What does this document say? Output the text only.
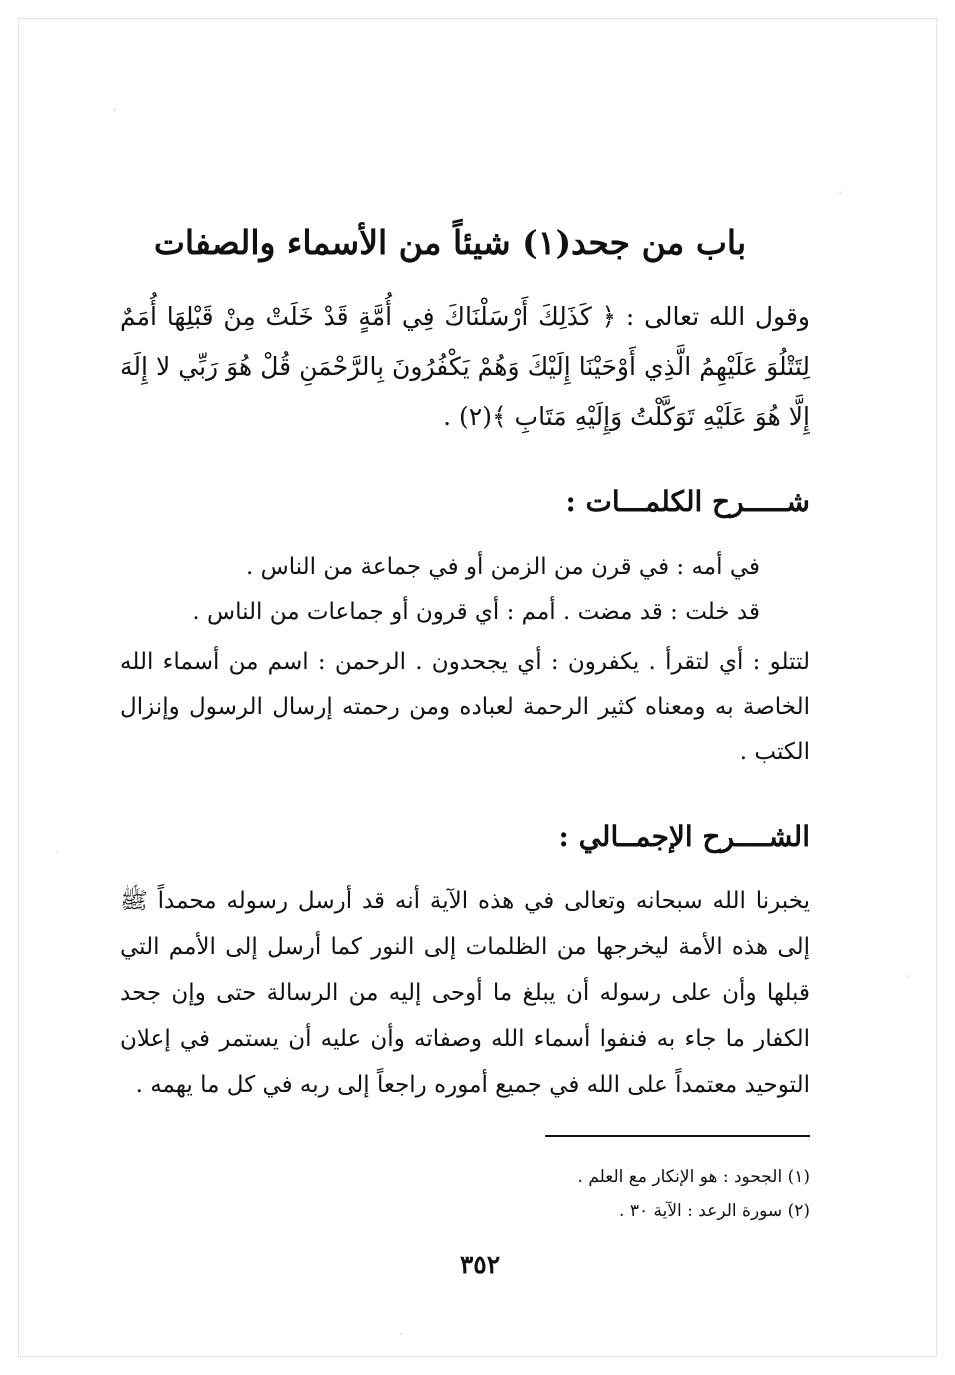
باب من جحد(١) شيئاً من الأسماء والصفات
وقول الله تعالى : ﴿ كَذَلِكَ أَرْسَلْنَاكَ فِي أُمَّةٍ قَدْ خَلَتْ مِنْ قَبْلِهَا أُمَمٌ لِتَتْلُوَ عَلَيْهِمُ الَّذِي أَوْحَيْنَا إِلَيْكَ وَهُمْ يَكْفُرُونَ بِالرَّحْمَنِ قُلْ هُوَ رَبِّي لا إِلَهَ إِلَّا هُوَ عَلَيْهِ تَوَكَّلْتُ وَإِلَيْهِ مَتَابِ ﴾(٢) .
شـــــرح الكلمـــات :
في أمه : في قرن من الزمن أو في جماعة من الناس .
قد خلت : قد مضت . أمم : أي قرون أو جماعات من الناس .
لتتلو : أي لتقرأ . يكفرون : أي يجحدون . الرحمن : اسم من أسماء الله الخاصة به ومعناه كثير الرحمة لعباده ومن رحمته إرسال الرسول وإنزال الكتب .
الشــــرح الإجمــالي :
يخبرنا الله سبحانه وتعالى في هذه الآية أنه قد أرسل رسوله محمداً ﷺ إلى هذه الأمة ليخرجها من الظلمات إلى النور كما أرسل إلى الأمم التي قبلها وأن على رسوله أن يبلغ ما أوحى إليه من الرسالة حتى وإن جحد الكفار ما جاء به فنفوا أسماء الله وصفاته وأن عليه أن يستمر في إعلان التوحيد معتمداً على الله في جميع أموره راجعاً إلى ربه في كل ما يهمه .
(١) الجحود : هو الإنكار مع العلم .
(٢) سورة الرعد : الآية ٣٠ .
٣٥٢
